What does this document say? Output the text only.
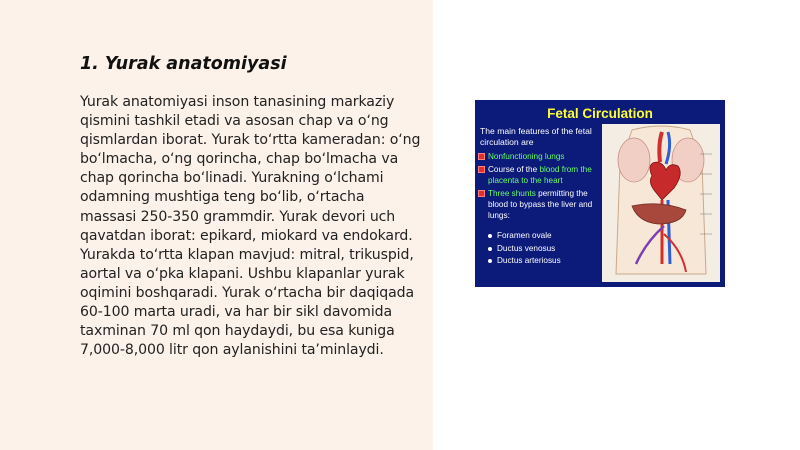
1. Yurak anatomiyasi

Yurak anatomiyasi inson tanasining markaziy qismini tashkil etadi va asosan chap va o‘ng qismlardan iborat. Yurak to‘rtta kameradan: o‘ng bo‘lmacha, o‘ng qorincha, chap bo‘lmacha va chap qorincha bo‘linadi. Yurakning o‘lchami odamning mushtiga teng bo‘lib, o‘rtacha massasi 250-350 grammdir. Yurak devori uch qavatdan iborat: epikard, miokard va endokard. Yurakda to‘rtta klapan mavjud: mitral, trikuspid, aortal va o‘pka klapani. Ushbu klapanlar yurak oqimini boshqaradi. Yurak o‘rtacha bir daqiqada 60-100 marta uradi, va har bir sikl davomida taxminan 70 ml qon haydaydi, bu esa kuniga 7,000-8,000 litr qon aylanishini ta’minlaydi.

Fetal Circulation

The main features of the fetal circulation are

Nonfunctioning lungs
Course of the blood from the placenta to the heart
Three shunts permitting the blood to bypass the liver and lungs:
Foramen ovale
Ductus venosus
Ductus arteriosus
